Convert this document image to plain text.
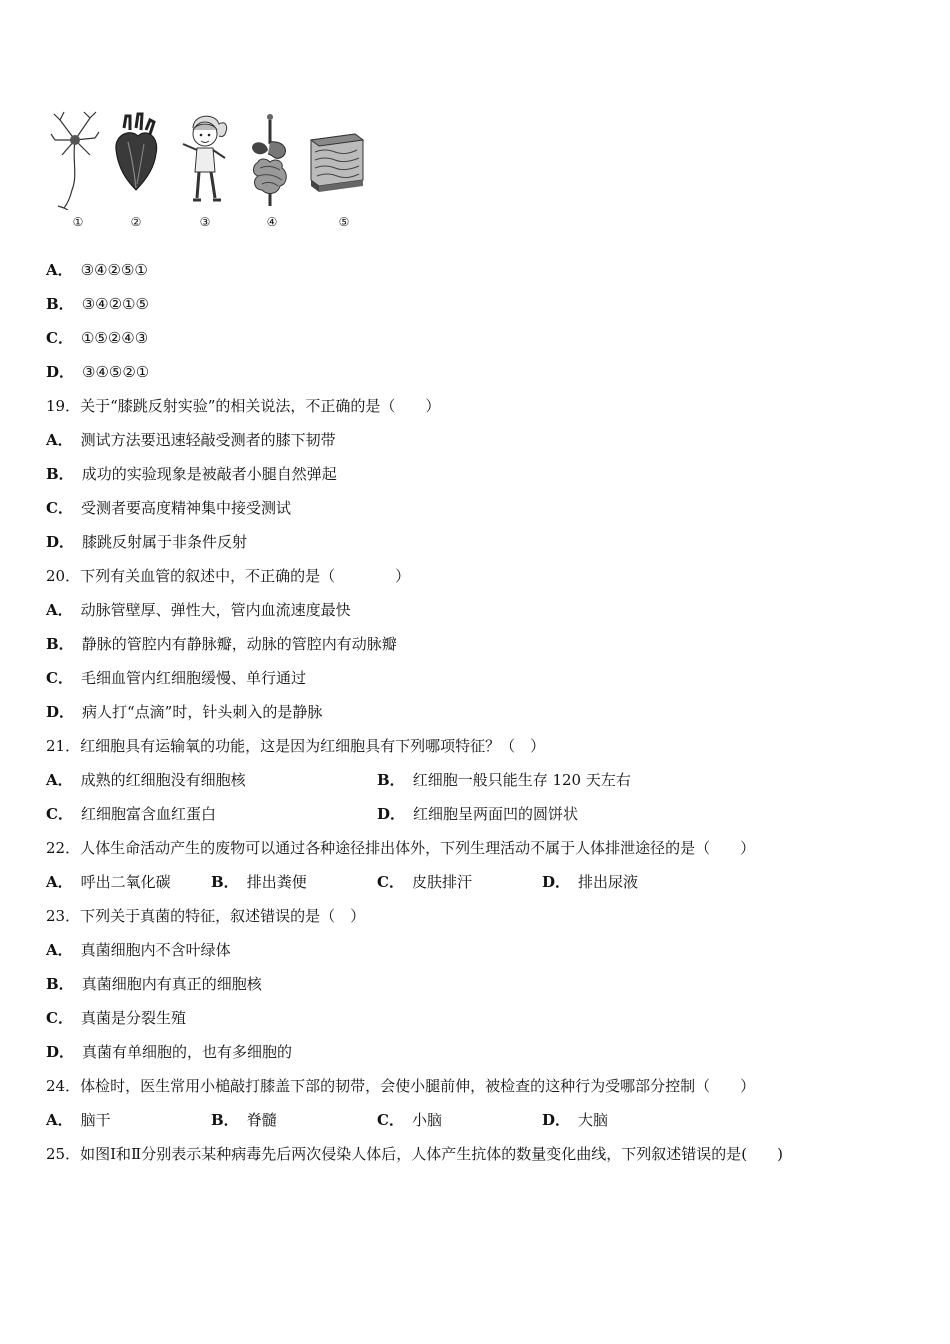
①	②	③	④	⑤
A． ③④②⑤①
B． ③④②①⑤
C． ①⑤②④③
D． ③④⑤②①
19．关于“膝跳反射实验”的相关说法，不正确的是（　　）
A． 测试方法要迅速轻敲受测者的膝下韧带
B． 成功的实验现象是被敲者小腿自然弹起
C． 受测者要高度精神集中接受测试
D． 膝跳反射属于非条件反射
20．下列有关血管的叙述中，不正确的是（　　　　）
A． 动脉管壁厚、弹性大，管内血流速度最快
B． 静脉的管腔内有静脉瓣，动脉的管腔内有动脉瓣
C． 毛细血管内红细胞缓慢、单行通过
D． 病人打“点滴”时，针头刺入的是静脉
21．红细胞具有运输氧的功能，这是因为红细胞具有下列哪项特征？（　）
A． 成熟的红细胞没有细胞核	B． 红细胞一般只能生存 120 天左右
C． 红细胞富含血红蛋白	D． 红细胞呈两面凹的圆饼状
22．人体生命活动产生的废物可以通过各种途径排出体外，下列生理活动不属于人体排泄途径的是（　　）
A． 呼出二氧化碳	B． 排出粪便	C． 皮肤排汗	D． 排出尿液
23．下列关于真菌的特征，叙述错误的是（　）
A． 真菌细胞内不含叶绿体
B． 真菌细胞内有真正的细胞核
C． 真菌是分裂生殖
D． 真菌有单细胞的，也有多细胞的
24．体检时，医生常用小槌敲打膝盖下部的韧带，会使小腿前伸，被检查的这种行为受哪部分控制（　　）
A． 脑干	B． 脊髓	C． 小脑	D． 大脑
25．如图Ⅰ和Ⅱ分别表示某种病毒先后两次侵染人体后，人体产生抗体的数量变化曲线，下列叙述错误的是(　　)
